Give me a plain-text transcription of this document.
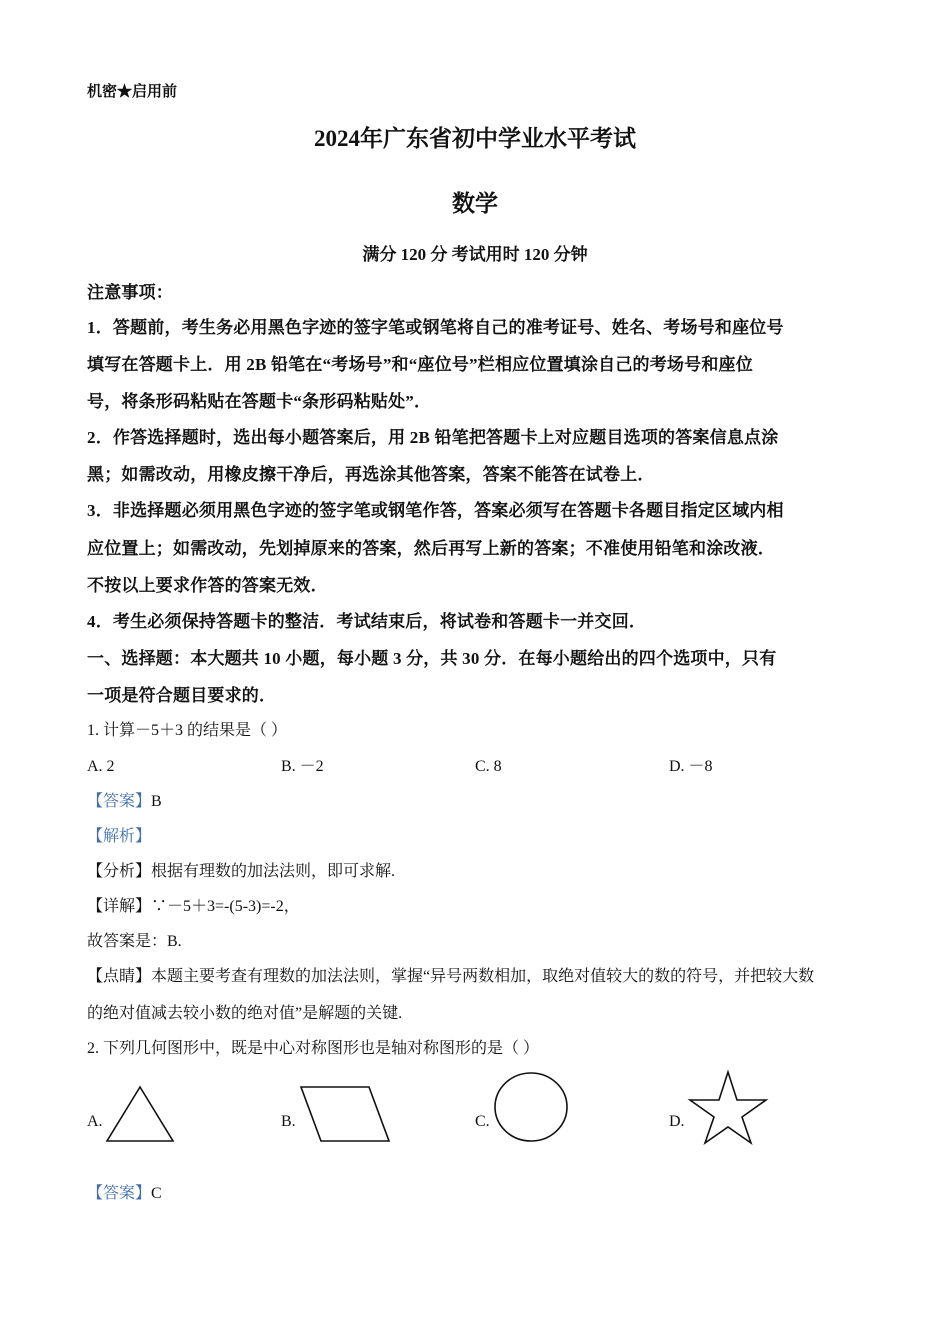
机密★启用前
2024年广东省初中学业水平考试
数学
满分 120 分 考试用时 120 分钟
注意事项：
1．答题前，考生务必用黑色字迹的签字笔或钢笔将自己的准考证号、姓名、考场号和座位号
填写在答题卡上．用 2B 铅笔在“考场号”和“座位号”栏相应位置填涂自己的考场号和座位
号，将条形码粘贴在答题卡“条形码粘贴处”．
2．作答选择题时，选出每小题答案后，用 2B 铅笔把答题卡上对应题目选项的答案信息点涂
黑；如需改动，用橡皮擦干净后，再选涂其他答案，答案不能答在试卷上．
3．非选择题必须用黑色字迹的签字笔或钢笔作答，答案必须写在答题卡各题目指定区域内相
应位置上；如需改动，先划掉原来的答案，然后再写上新的答案；不准使用铅笔和涂改液．
不按以上要求作答的答案无效．
4．考生必须保持答题卡的整洁．考试结束后，将试卷和答题卡一并交回．
一、选择题：本大题共 10 小题，每小题 3 分，共 30 分．在每小题给出的四个选项中，只有
一项是符合题目要求的．
1. 计算－5＋3 的结果是（ ）
A. 2	B. －2	C. 8	D. －8
【答案】B
【解析】
【分析】根据有理数的加法法则，即可求解.
【详解】∵－5＋3=-(5-3)=-2，
故答案是：B.
【点睛】本题主要考查有理数的加法法则，掌握“异号两数相加，取绝对值较大的数的符号，并把较大数
的绝对值减去较小数的绝对值”是解题的关键.
2. 下列几何图形中，既是中心对称图形也是轴对称图形的是（ ）
A.	B.	C.	D.
【答案】C
